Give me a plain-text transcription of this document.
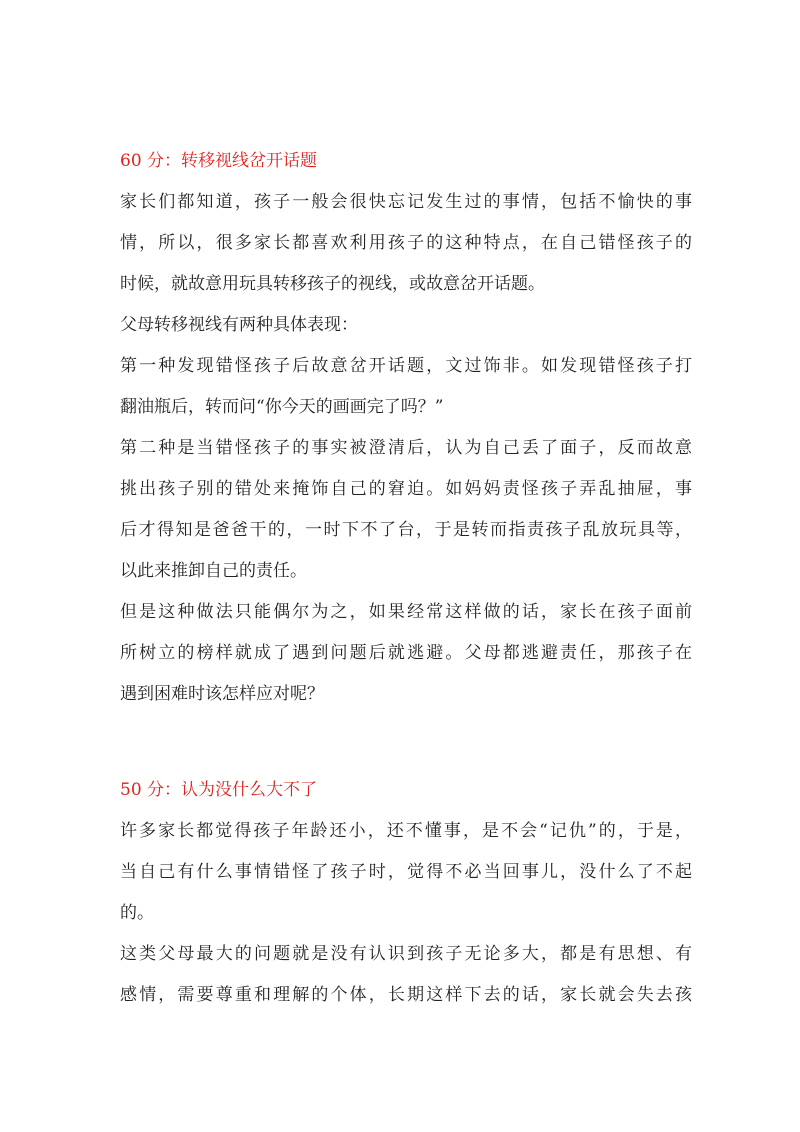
60 分：转移视线岔开话题

家长们都知道，孩子一般会很快忘记发生过的事情，包括不愉快的事
情，所以，很多家长都喜欢利用孩子的这种特点，在自己错怪孩子的
时候，就故意用玩具转移孩子的视线，或故意岔开话题。

父母转移视线有两种具体表现：

第一种发现错怪孩子后故意岔开话题，文过饰非。如发现错怪孩子打
翻油瓶后，转而问“你今天的画画完了吗？”

第二种是当错怪孩子的事实被澄清后，认为自己丢了面子，反而故意
挑出孩子别的错处来掩饰自己的窘迫。如妈妈责怪孩子弄乱抽屉，事
后才得知是爸爸干的，一时下不了台，于是转而指责孩子乱放玩具等，
以此来推卸自己的责任。

但是这种做法只能偶尔为之，如果经常这样做的话，家长在孩子面前
所树立的榜样就成了遇到问题后就逃避。父母都逃避责任，那孩子在
遇到困难时该怎样应对呢？

50 分：认为没什么大不了

许多家长都觉得孩子年龄还小，还不懂事，是不会“记仇”的，于是，
当自己有什么事情错怪了孩子时，觉得不必当回事儿，没什么了不起
的。

这类父母最大的问题就是没有认识到孩子无论多大，都是有思想、有
感情，需要尊重和理解的个体，长期这样下去的话，家长就会失去孩
